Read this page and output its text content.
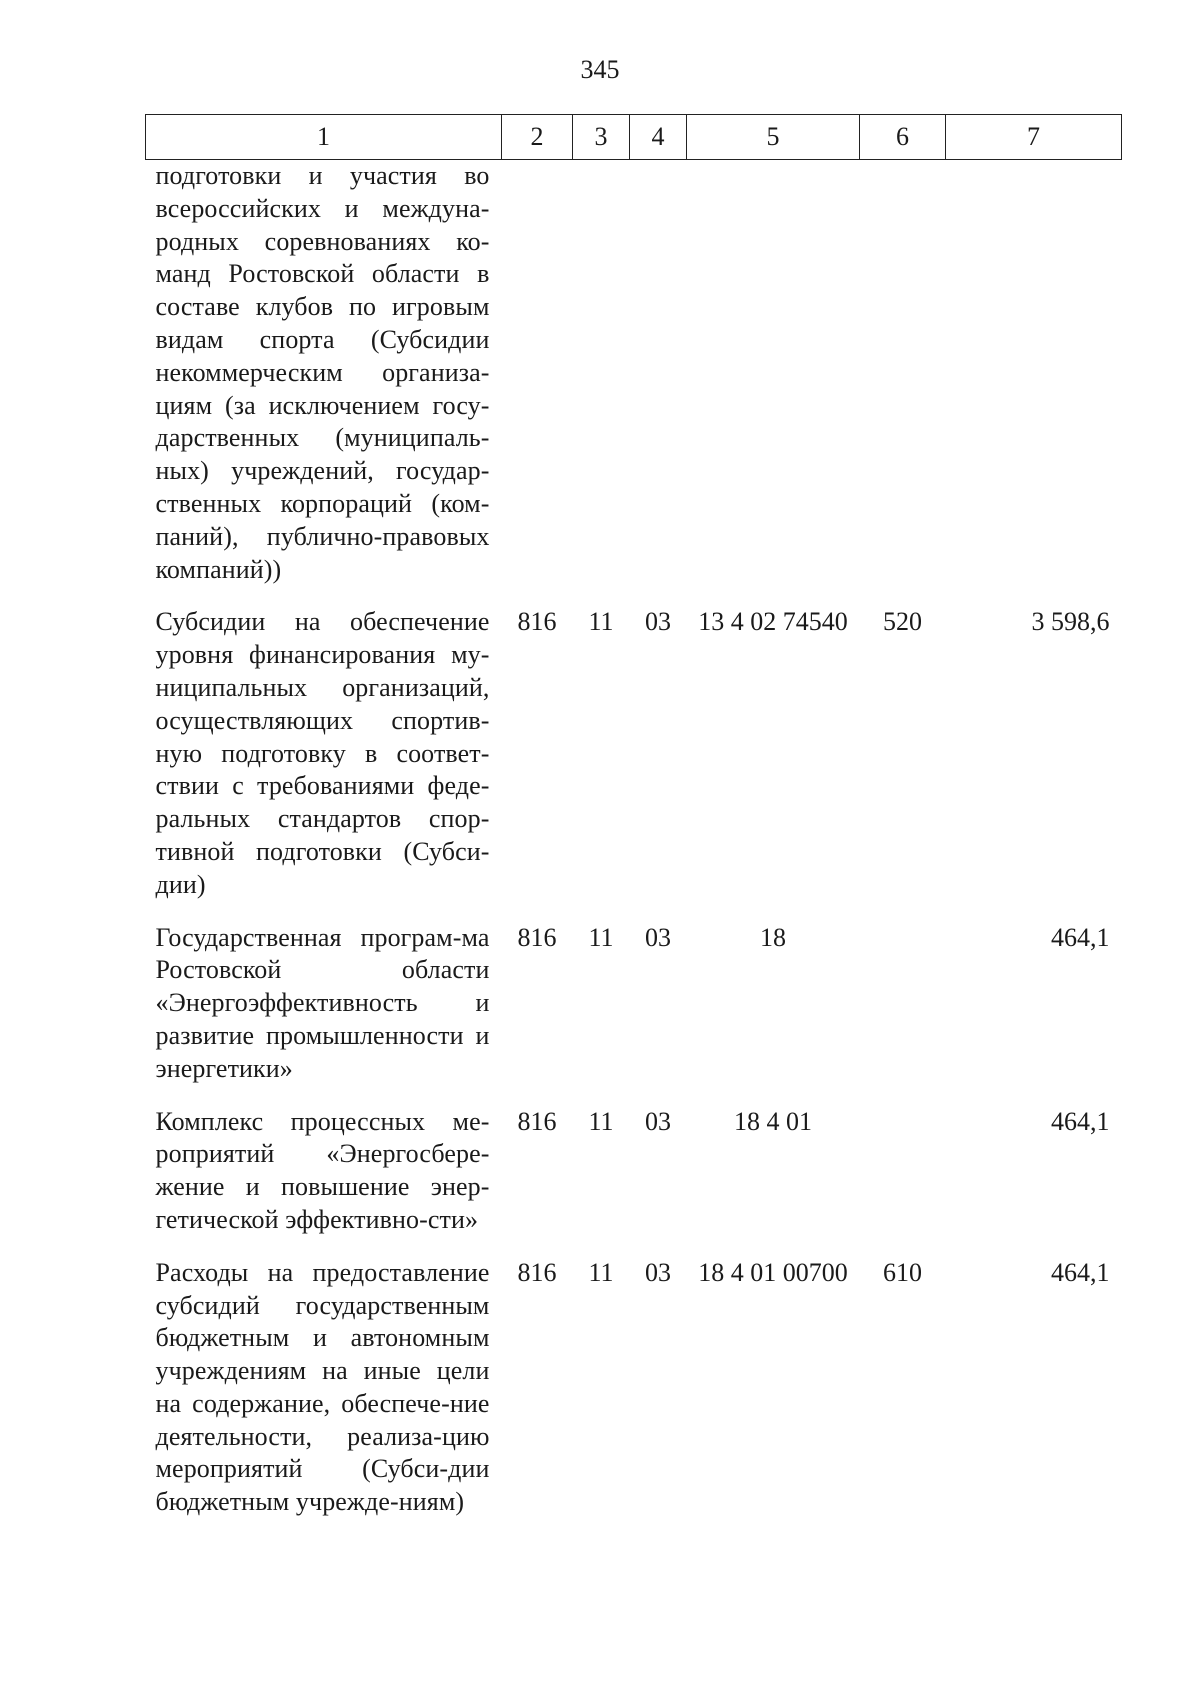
345
1	2	3	4	5	6	7
подготовки и участия во всероссийских и междуна-родных соревнованиях ко-манд Ростовской области в составе клубов по игровым видам спорта (Субсидии некоммерческим организа-циям (за исключением госу-дарственных (муниципаль-ных) учреждений, государ-ственных корпораций (ком-паний), публично-правовых компаний))						
Субсидии на обеспечение уровня финансирования му-ниципальных организаций, осуществляющих спортив-ную подготовку в соответ-ствии с требованиями феде-ральных стандартов спор-тивной подготовки (Субси-дии)	816	11	03	13 4 02 74540	520	3 598,6
Государственная програм-ма Ростовской области «Энергоэффективность и развитие промышленности и энергетики»	816	11	03	18		464,1
Комплекс процессных ме-роприятий «Энергосбере-жение и повышение энер-гетической эффективно-сти»	816	11	03	18 4 01		464,1
Расходы на предоставление субсидий государственным бюджетным и автономным учреждениям на иные цели на содержание, обеспече-ние деятельности, реализа-цию мероприятий (Субси-дии бюджетным учрежде-ниям)	816	11	03	18 4 01 00700	610	464,1
